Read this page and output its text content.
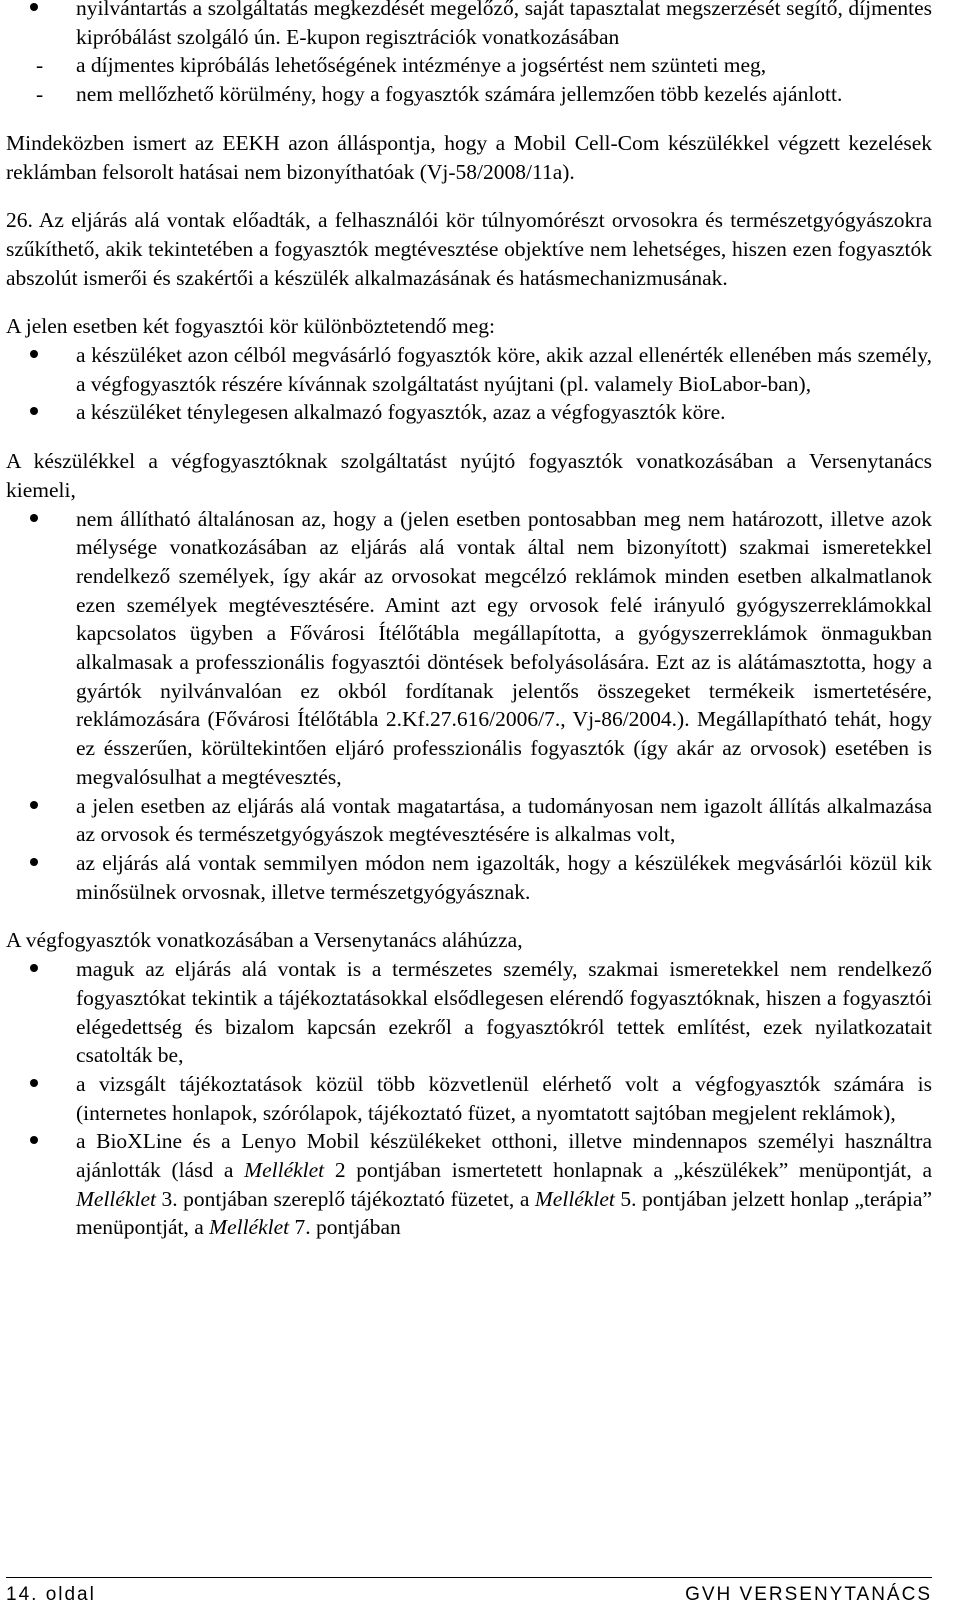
nyilvántartás a szolgáltatás megkezdését megelőző, saját tapasztalat megszerzését segítő, díjmentes kipróbálást szolgáló ún. E-kupon regisztrációk vonatkozásában
- a díjmentes kipróbálás lehetőségének intézménye a jogsértést nem szünteti meg,
- nem mellőzhető körülmény, hogy a fogyasztók számára jellemzően több kezelés ajánlott.

Mindeközben ismert az EEKH azon álláspontja, hogy a Mobil Cell-Com készülékkel végzett kezelések reklámban felsorolt hatásai nem bizonyíthatóak (Vj-58/2008/11a).

26. Az eljárás alá vontak előadták, a felhasználói kör túlnyomórészt orvosokra és természetgyógyászokra szűkíthető, akik tekintetében a fogyasztók megtévesztése objektíve nem lehetséges, hiszen ezen fogyasztók abszolút ismerői és szakértői a készülék alkalmazásának és hatásmechanizmusának.

A jelen esetben két fogyasztói kör különböztetendő meg:

a készüléket azon célból megvásárló fogyasztók köre, akik azzal ellenérték ellenében más személy, a végfogyasztók részére kívánnak szolgáltatást nyújtani (pl. valamely BioLabor-ban),
a készüléket ténylegesen alkalmazó fogyasztók, azaz a végfogyasztók köre.

A készülékkel a végfogyasztóknak szolgáltatást nyújtó fogyasztók vonatkozásában a Versenytanács kiemeli,

nem állítható általánosan az, hogy a (jelen esetben pontosabban meg nem határozott, illetve azok mélysége vonatkozásában az eljárás alá vontak által nem bizonyított) szakmai ismeretekkel rendelkező személyek, így akár az orvosokat megcélzó reklámok minden esetben alkalmatlanok ezen személyek megtévesztésére. Amint azt egy orvosok felé irányuló gyógyszerreklámokkal kapcsolatos ügyben a Fővárosi Ítélőtábla megállapította, a gyógyszerreklámok önmagukban alkalmasak a professzionális fogyasztói döntések befolyásolására. Ezt az is alátámasztotta, hogy a gyártók nyilvánvalóan ez okból fordítanak jelentős összegeket termékeik ismertetésére, reklámozására (Fővárosi Ítélőtábla 2.Kf.27.616/2006/7., Vj-86/2004.). Megállapítható tehát, hogy ez ésszerűen, körültekintően eljáró professzionális fogyasztók (így akár az orvosok) esetében is megvalósulhat a megtévesztés,
a jelen esetben az eljárás alá vontak magatartása, a tudományosan nem igazolt állítás alkalmazása az orvosok és természetgyógyászok megtévesztésére is alkalmas volt,
az eljárás alá vontak semmilyen módon nem igazolták, hogy a készülékek megvásárlói közül kik minősülnek orvosnak, illetve természetgyógyásznak.

A végfogyasztók vonatkozásában a Versenytanács aláhúzza,

maguk az eljárás alá vontak is a természetes személy, szakmai ismeretekkel nem rendelkező fogyasztókat tekintik a tájékoztatásokkal elsődlegesen elérendő fogyasztóknak, hiszen a fogyasztói elégedettség és bizalom kapcsán ezekről a fogyasztókról tettek említést, ezek nyilatkozatait csatolták be,
a vizsgált tájékoztatások közül több közvetlenül elérhető volt a végfogyasztók számára is (internetes honlapok, szórólapok, tájékoztató füzet, a nyomtatott sajtóban megjelent reklámok),
a BioXLine és a Lenyo Mobil készülékeket otthoni, illetve mindennapos személyi használtra ajánlották (lásd a Melléklet 2 pontjában ismertetett honlapnak a „készülékek” menüpontját, a Melléklet 3. pontjában szereplő tájékoztató füzetet, a Melléklet 5. pontjában jelzett honlap „terápia” menüpontját, a Melléklet 7. pontjában
14. oldal	GVH VERSENYTANÁCS
